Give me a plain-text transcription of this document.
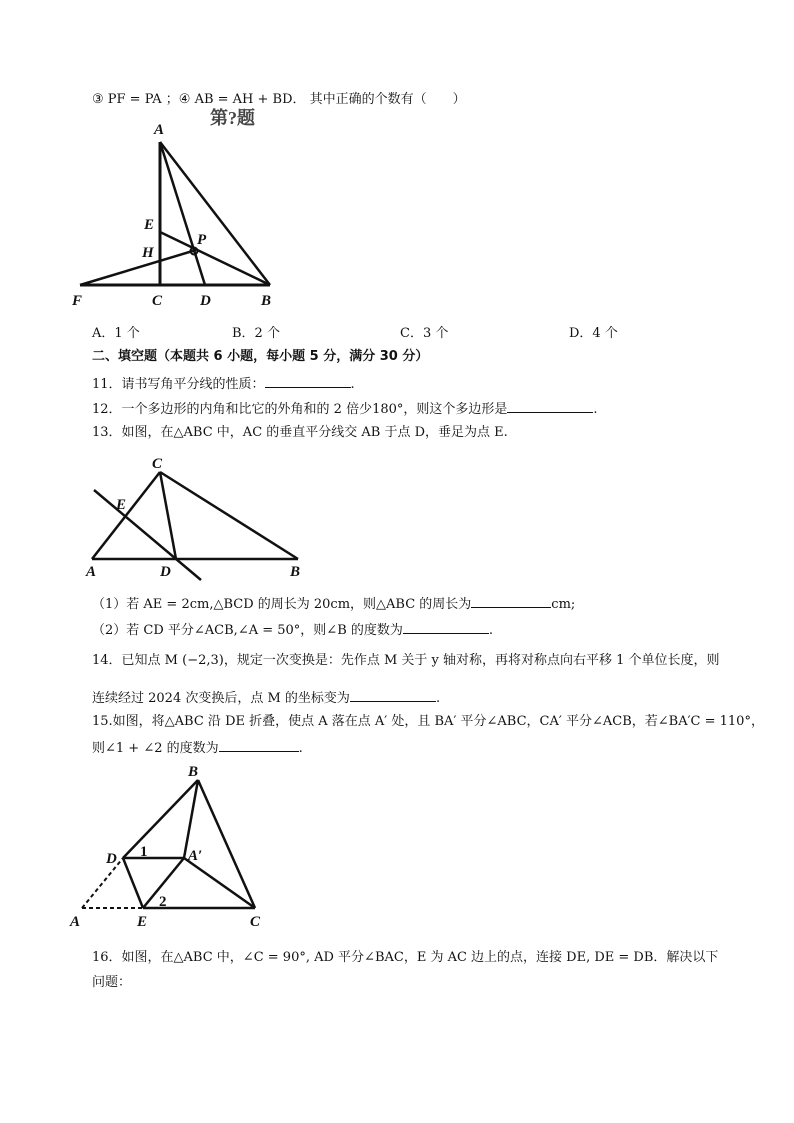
③ PF = PA ；④ AB = AH + BD． 其中正确的个数有（　　）
第?题
A
E
H
P
F	C	D	B
A．1 个	B．2 个	C．3 个	D．4 个
二、填空题（本题共 6 小题，每小题 5 分，满分 30 分）
11．请书写角平分线的性质：	.
12．一个多边形的内角和比它的外角和的 2 倍少180°，则这个多边形是	.
13．如图，在△ABC 中，AC 的垂直平分线交 AB 于点 D，垂足为点 E.
C
E
A	D	B
（1）若 AE = 2cm,△BCD 的周长为 20cm，则△ABC 的周长为	cm;
（2）若 CD 平分∠ACB,∠A = 50°，则∠B 的度数为	.
14．已知点 M (−2,3)，规定一次变换是：先作点 M 关于 y 轴对称，再将对称点向右平移 1 个单位长度，则
连续经过 2024 次变换后，点 M 的坐标变为	.
15.如图，将△ABC 沿 DE 折叠，使点 A 落在点 A′ 处，且 BA′ 平分∠ABC，CA′ 平分∠ACB，若∠BA′C = 110°，
则∠1 + ∠2 的度数为	.
B
D 1	A′
2
A	E	C
16．如图，在△ABC 中，∠C = 90°, AD 平分∠BAC，E 为 AC 边上的点，连接 DE, DE = DB．解决以下
问题：
